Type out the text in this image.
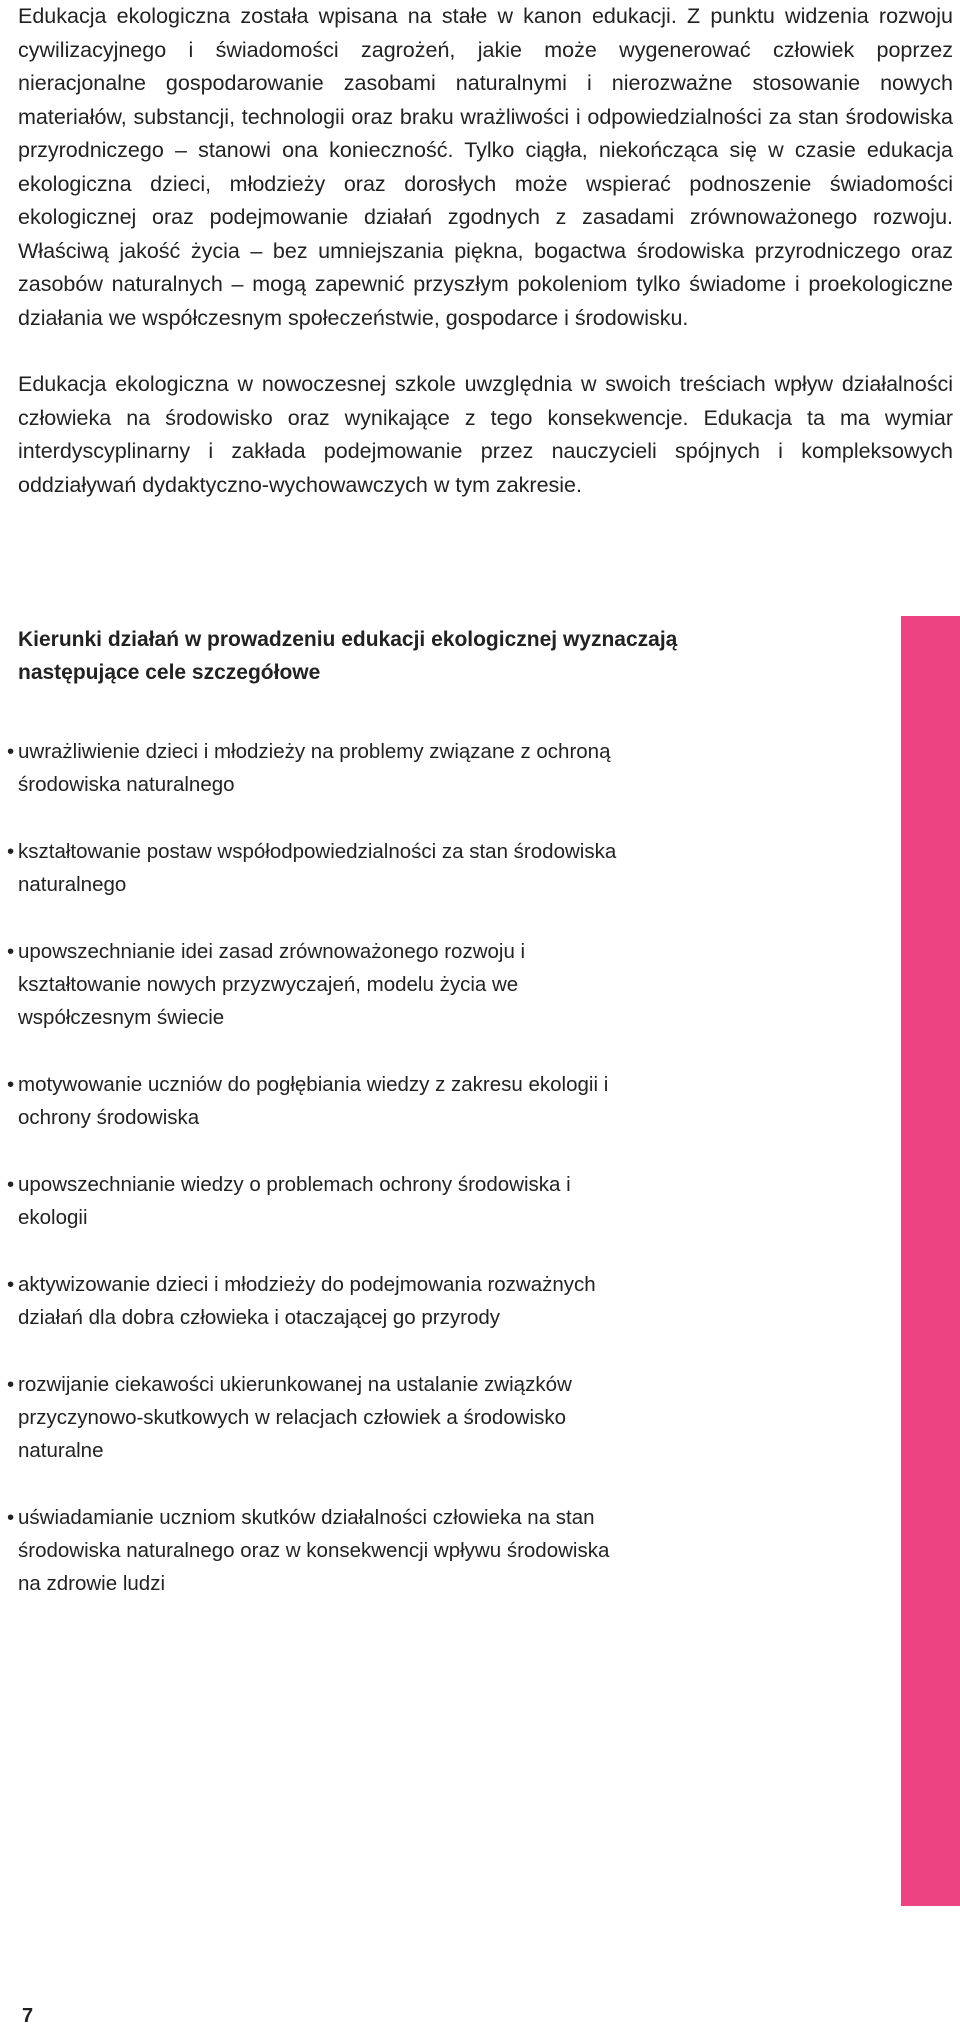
Edukacja ekologiczna została wpisana na stałe w kanon edukacji. Z punktu widzenia rozwoju cywilizacyjnego i świadomości zagrożeń, jakie może wygenerować człowiek poprzez nieracjonalne gospodarowanie zasobami naturalnymi i nierozważne stosowanie nowych materiałów, substancji, technologii oraz braku wrażliwości i odpowiedzialności za stan środowiska przyrodniczego – stanowi ona konieczność. Tylko ciągła, niekończąca się w czasie edukacja ekologiczna dzieci, młodzieży oraz dorosłych może wspierać podnoszenie świadomości ekologicznej oraz podejmowanie działań zgodnych z zasadami zrównoważonego rozwoju. Właściwą jakość życia – bez umniejszania piękna, bogactwa środowiska przyrodniczego oraz zasobów naturalnych – mogą zapewnić przyszłym pokoleniom tylko świadome i proekologiczne działania we współczesnym społeczeństwie, gospodarce i środowisku.

Edukacja ekologiczna w nowoczesnej szkole uwzględnia w swoich treściach wpływ działalności człowieka na środowisko oraz wynikające z tego konsekwencje. Edukacja ta ma wymiar interdyscyplinarny i zakłada podejmowanie przez nauczycieli spójnych i kompleksowych oddziaływań dydaktyczno-wychowawczych w tym zakresie.

Kierunki działań w prowadzeniu edukacji ekologicznej wyznaczają następujące cele szczegółowe
• uwrażliwienie dzieci i młodzieży na problemy związane z ochroną środowiska naturalnego
• kształtowanie postaw współodpowiedzialności za stan środowiska naturalnego
• upowszechnianie idei zasad zrównoważonego rozwoju i kształtowanie nowych przyzwyczajeń, modelu życia we współczesnym świecie
• motywowanie uczniów do pogłębiania wiedzy z zakresu ekologii i ochrony środowiska
• upowszechnianie wiedzy o problemach ochrony środowiska i ekologii
• aktywizowanie dzieci i młodzieży do podejmowania rozważnych działań dla dobra człowieka i otaczającej go przyrody
• rozwijanie ciekawości ukierunkowanej na ustalanie związków przyczynowo-skutkowych w relacjach człowiek a środowisko naturalne
• uświadamianie uczniom skutków działalności człowieka na stan środowiska naturalnego oraz w konsekwencji wpływu środowiska na zdrowie ludzi
7
